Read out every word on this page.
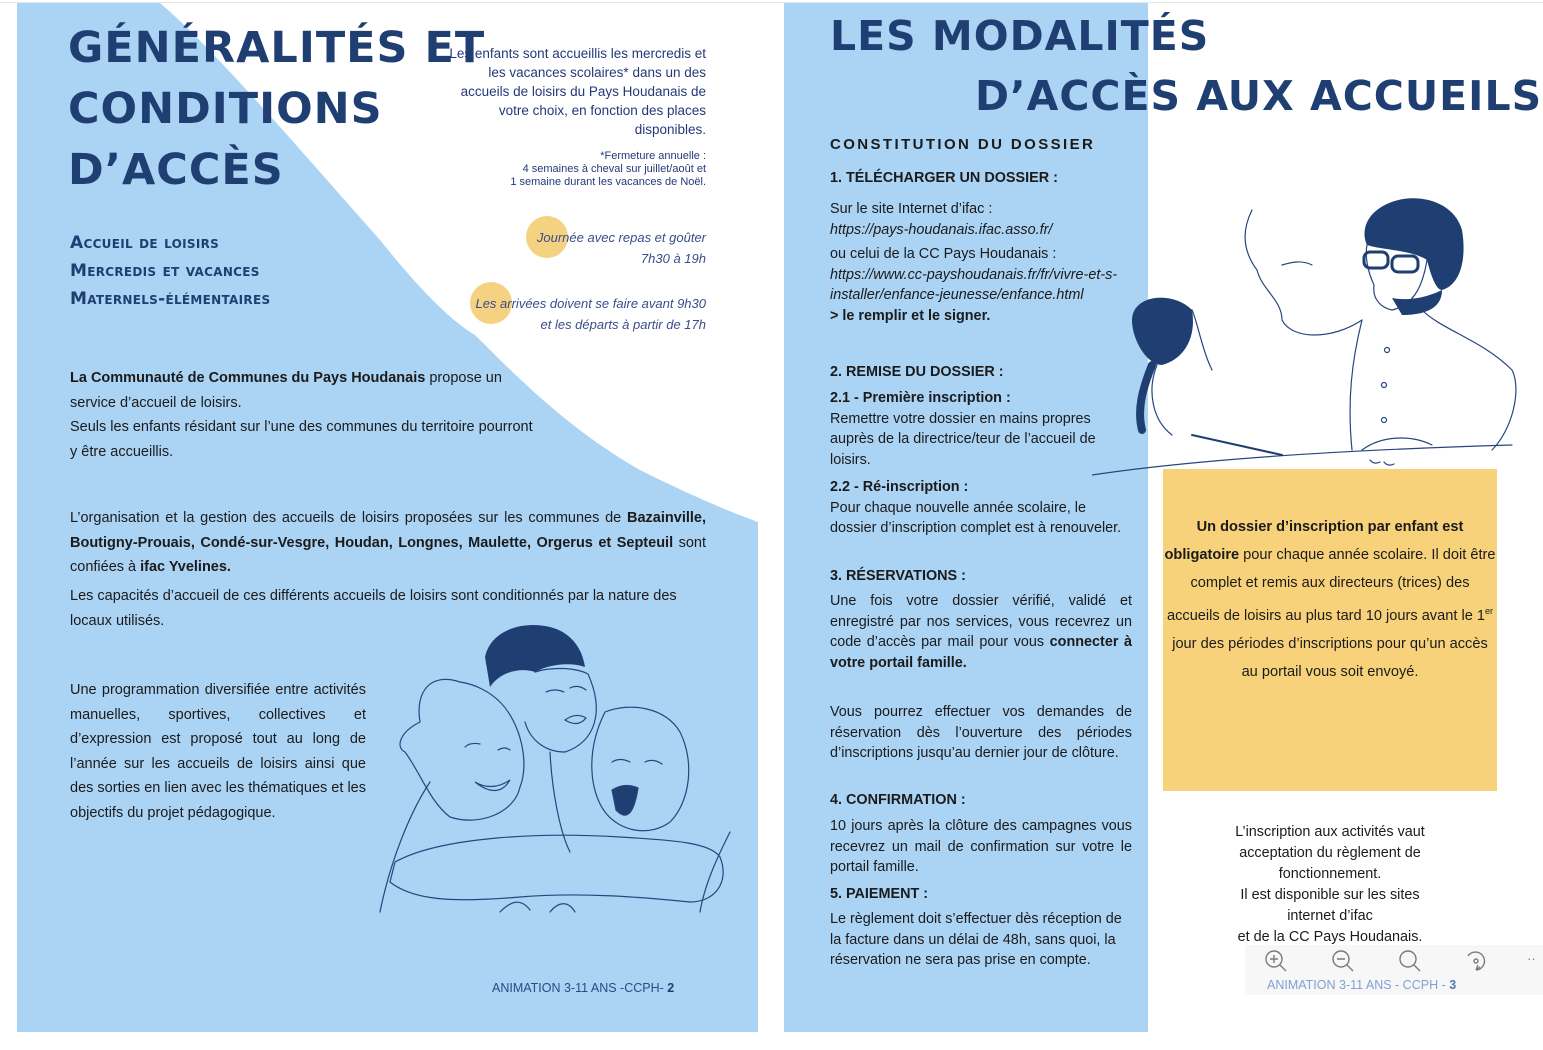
GÉNÉRALITÉS ET
CONDITIONS
D’ACCÈS
Accueil de loisirs
Mercredis et vacances
Maternels-élémentaires
Les enfants sont accueillis les mercredis et les vacances scolaires* dans un des accueils de loisirs du Pays Houdanais de votre choix, en fonction des places disponibles.
*Fermeture annuelle :
4 semaines à cheval sur juillet/août et
1 semaine durant les vacances de Noël.
Journée avec repas et goûter
7h30 à 19h
Les arrivées doivent se faire avant 9h30
et les départs à partir de 17h
La Communauté de Communes du Pays Houdanais propose un service d’accueil de loisirs.
Seuls les enfants résidant sur l’une des communes du territoire pourront y être accueillis.
L’organisation et la gestion des accueils de loisirs proposées sur les communes de Bazainville, Boutigny-Prouais, Condé-sur-Vesgre, Houdan, Longnes, Maulette, Orgerus et Septeuil sont confiées à ifac Yvelines.
Les capacités d’accueil de ces différents accueils de loisirs sont conditionnés par la nature des locaux utilisés.
Une programmation diversifiée entre activités manuelles, sportives, collectives et d’expression est proposé tout au long de l’année sur les accueils de loisirs ainsi que des sorties en lien avec les thématiques et les objectifs du projet pédagogique.
ANIMATION 3-11 ANS -CCPH- 2
LES MODALITÉS
D’ACCÈS AUX ACCUEILS
CONSTITUTION DU DOSSIER
1. TÉLÉCHARGER UN DOSSIER :
Sur le site Internet d’ifac :
https://pays-houdanais.ifac.asso.fr/
ou celui de la CC Pays Houdanais :
https://www.cc-payshoudanais.fr/fr/vivre-et-s-installer/enfance-jeunesse/enfance.html
> le remplir et le signer.
2. REMISE DU DOSSIER :
2.1 - Première inscription :
Remettre votre dossier en mains propres auprès de la directrice/teur de l’accueil de loisirs.
2.2 - Ré-inscription :
Pour chaque nouvelle année scolaire, le dossier d’inscription complet est à renouveler.
3. RÉSERVATIONS :
Une fois votre dossier vérifié, validé et enregistré par nos services, vous recevrez un code d’accès par mail pour vous connecter à votre portail famille.
Vous pourrez effectuer vos demandes de réservation dès l’ouverture des périodes d’inscriptions jusqu’au dernier jour de clôture.
4. CONFIRMATION :
10 jours après la clôture des campagnes vous recevrez un mail de confirmation sur votre le portail famille.
5. PAIEMENT :
Le règlement doit s’effectuer dès réception de la facture dans un délai de 48h, sans quoi, la réservation ne sera pas prise en compte.
Un dossier d’inscription par enfant est obligatoire pour chaque année scolaire. Il doit être complet et remis aux directeurs (trices) des accueils de loisirs au plus tard 10 jours avant le 1er jour des périodes d’inscriptions pour qu’un accès au portail vous soit envoyé.
L’inscription aux activités vaut
acceptation du règlement de
fonctionnement.
Il est disponible sur les sites
internet d’ifac
et de la CC Pays Houdanais.
··
ANIMATION 3-11 ANS - CCPH - 3
